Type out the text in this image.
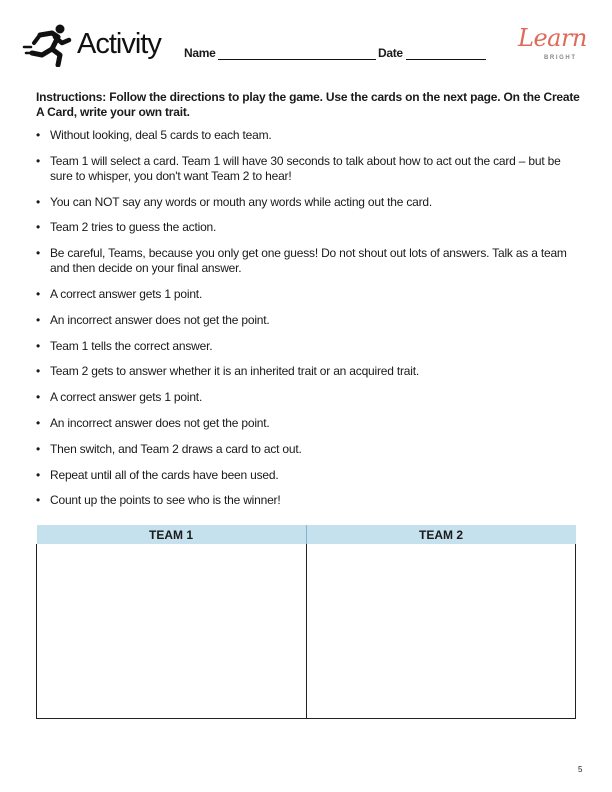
Activity Name	Date
Learn
BRIGHT
Instructions: Follow the directions to play the game. Use the cards on the next page. On the Create A Card, write your own trait.
• Without looking, deal 5 cards to each team.
• Team 1 will select a card. Team 1 will have 30 seconds to talk about how to act out the card – but be sure to whisper, you don't want Team 2 to hear!
• You can NOT say any words or mouth any words while acting out the card.
• Team 2 tries to guess the action.
• Be careful, Teams, because you only get one guess! Do not shout out lots of answers. Talk as a team and then decide on your final answer.
• A correct answer gets 1 point.
• An incorrect answer does not get the point.
• Team 1 tells the correct answer.
• Team 2 gets to answer whether it is an inherited trait or an acquired trait.
• A correct answer gets 1 point.
• An incorrect answer does not get the point.
• Then switch, and Team 2 draws a card to act out.
• Repeat until all of the cards have been used.
• Count up the points to see who is the winner!
TEAM 1	TEAM 2

5
